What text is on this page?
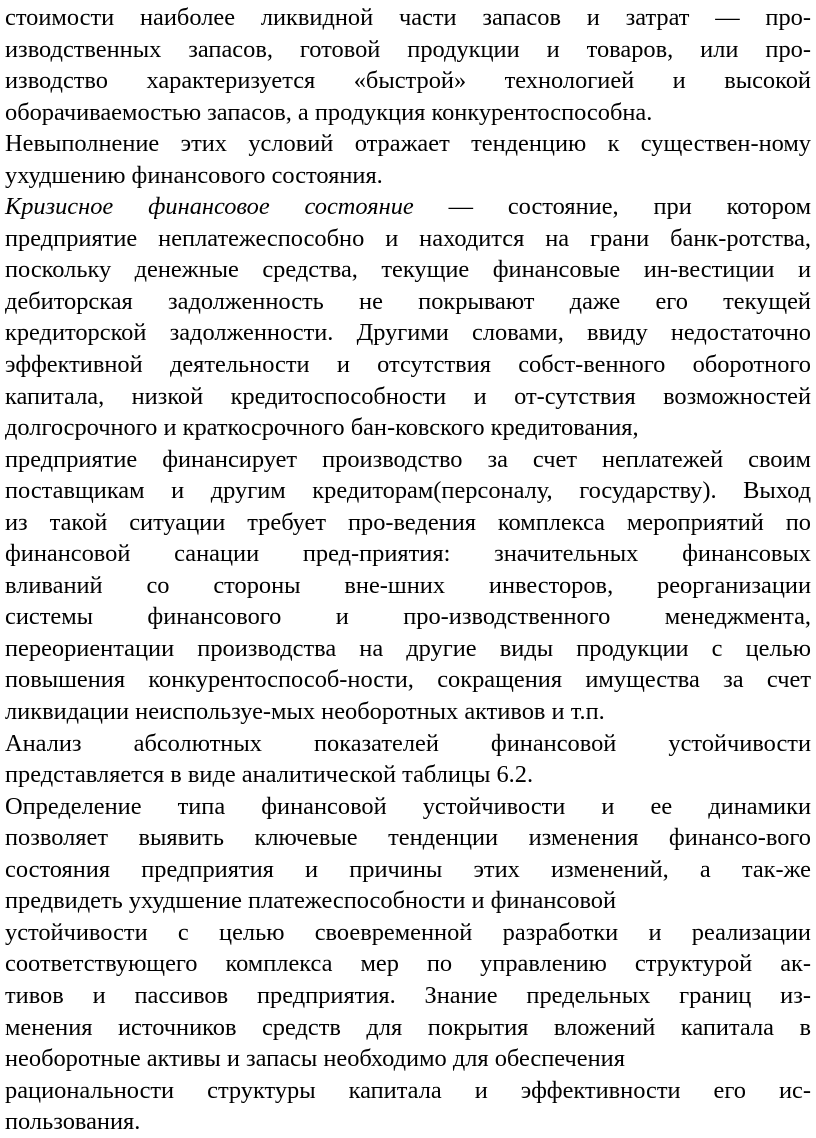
стоимости наиболее ликвидной части запасов и затрат — про-
изводственных запасов, готовой продукции и товаров, или про-
изводство характеризуется «быстрой» технологией и высокой
оборачиваемостью запасов, а продукция конкурентоспособна.
Невыполнение этих условий отражает тенденцию к существен-ному
ухудшению финансового состояния.
Кризисное финансовое состояние — состояние, при котором
предприятие неплатежеспособно и находится на грани банк-ротства,
поскольку денежные средства, текущие финансовые ин-вестиции и
дебиторская задолженность не покрывают даже его текущей
кредиторской задолженности. Другими словами, ввиду недостаточно
эффективной деятельности и отсутствия собст-венного оборотного
капитала, низкой кредитоспособности и от-сутствия возможностей
долгосрочного и краткосрочного бан-ковского кредитования,
предприятие финансирует производство за счет неплатежей своим
поставщикам и другим кредиторам(персоналу, государству). Выход
из такой ситуации требует про-ведения комплекса мероприятий по
финансовой санации пред-приятия: значительных финансовых
вливаний со стороны вне-шних инвесторов, реорганизации
системы финансового и про-изводственного менеджмента,
переориентации производства на другие виды продукции с целью
повышения конкурентоспособ-ности, сокращения имущества за счет
ликвидации неиспользуе-мых необоротных активов и т.п.
Анализ абсолютных показателей финансовой устойчивости
представляется в виде аналитической таблицы 6.2.
Определение типа финансовой устойчивости и ее динамики
позволяет выявить ключевые тенденции изменения финансо-вого
состояния предприятия и причины этих изменений, а так-же
предвидеть ухудшение платежеспособности и финансовой
устойчивости с целью своевременной разработки и реализации
соответствующего комплекса мер по управлению структурой ак-
тивов и пассивов предприятия. Знание предельных границ из-
менения источников средств для покрытия вложений капитала в
необоротные активы и запасы необходимо для обеспечения
рациональности структуры капитала и эффективности его ис-
пользования.
